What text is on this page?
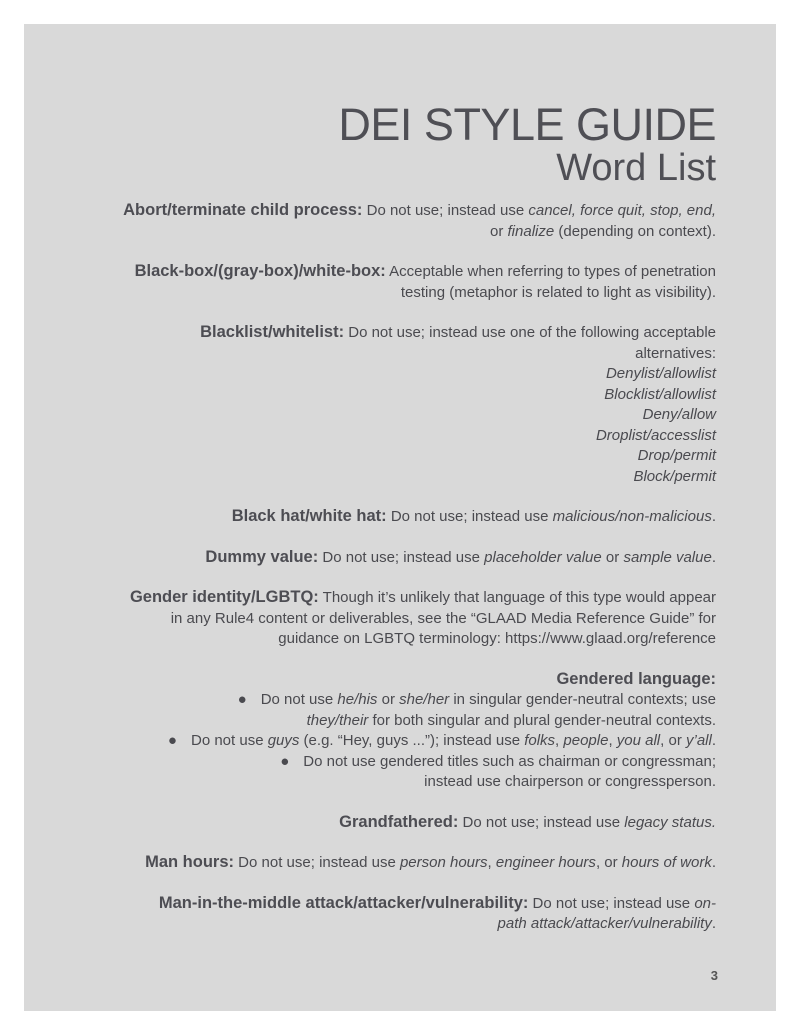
DEI STYLE GUIDE
Word List
Abort/terminate child process: Do not use; instead use cancel, force quit, stop, end,
or finalize (depending on context).
Black-box/(gray-box)/white-box: Acceptable when referring to types of penetration
testing (metaphor is related to light as visibility).
Blacklist/whitelist: Do not use; instead use one of the following acceptable
alternatives:
Denylist/allowlist
Blocklist/allowlist
Deny/allow
Droplist/accesslist
Drop/permit
Block/permit
Black hat/white hat: Do not use; instead use malicious/non-malicious.
Dummy value: Do not use; instead use placeholder value or sample value.
Gender identity/LGBTQ: Though it’s unlikely that language of this type would appear
in any Rule4 content or deliverables, see the “GLAAD Media Reference Guide” for
guidance on LGBTQ terminology: https://www.glaad.org/reference
Gendered language:
● Do not use he/his or she/her in singular gender-neutral contexts; use
they/their for both singular and plural gender-neutral contexts.
● Do not use guys (e.g. “Hey, guys ...”); instead use folks, people, you all, or y’all.
● Do not use gendered titles such as chairman or congressman;
instead use chairperson or congressperson.
Grandfathered: Do not use; instead use legacy status.
Man hours: Do not use; instead use person hours, engineer hours, or hours of work.
Man-in-the-middle attack/attacker/vulnerability: Do not use; instead use on-
path attack/attacker/vulnerability.
3
